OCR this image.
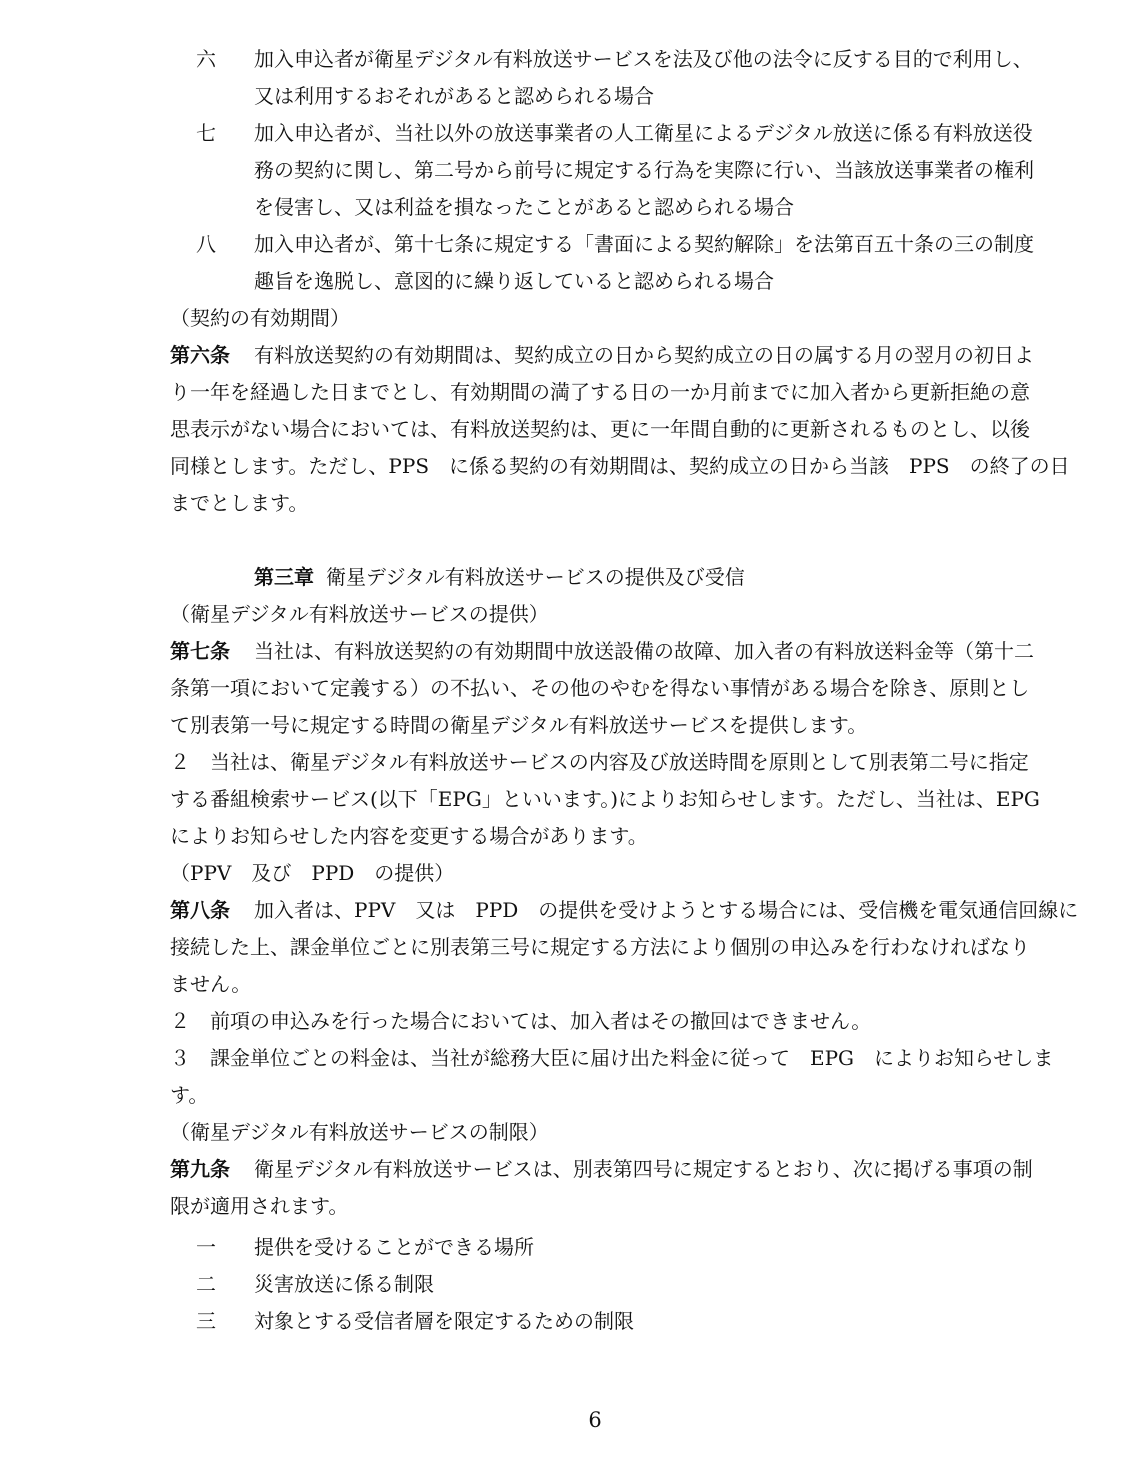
六 加入申込者が衛星デジタル有料放送サービスを法及び他の法令に反する目的で利用し、
又は利用するおそれがあると認められる場合
七 加入申込者が、当社以外の放送事業者の人工衛星によるデジタル放送に係る有料放送役
務の契約に関し、第二号から前号に規定する行為を実際に行い、当該放送事業者の権利
を侵害し、又は利益を損なったことがあると認められる場合
八 加入申込者が、第十七条に規定する「書面による契約解除」を法第百五十条の三の制度
趣旨を逸脱し、意図的に繰り返していると認められる場合
（契約の有効期間）
第六条 有料放送契約の有効期間は、契約成立の日から契約成立の日の属する月の翌月の初日よ
り一年を経過した日までとし、有効期間の満了する日の一か月前までに加入者から更新拒絶の意
思表示がない場合においては、有料放送契約は、更に一年間自動的に更新されるものとし、以後
同様とします。ただし、PPS　に係る契約の有効期間は、契約成立の日から当該　PPS　の終了の日
までとします。
第三章 衛星デジタル有料放送サービスの提供及び受信
（衛星デジタル有料放送サービスの提供）
第七条 当社は、有料放送契約の有効期間中放送設備の故障、加入者の有料放送料金等（第十二
条第一項において定義する）の不払い、その他のやむを得ない事情がある場合を除き、原則とし
て別表第一号に規定する時間の衛星デジタル有料放送サービスを提供します。
２　当社は、衛星デジタル有料放送サービスの内容及び放送時間を原則として別表第二号に指定
する番組検索サービス(以下「EPG」といいます。)によりお知らせします。ただし、当社は、EPG
によりお知らせした内容を変更する場合があります。
（PPV　及び　PPD　の提供）
第八条 加入者は、PPV　又は　PPD　の提供を受けようとする場合には、受信機を電気通信回線に
接続した上、課金単位ごとに別表第三号に規定する方法により個別の申込みを行わなければなり
ません。
２　前項の申込みを行った場合においては、加入者はその撤回はできません。
３　課金単位ごとの料金は、当社が総務大臣に届け出た料金に従って　EPG　によりお知らせしま
す。
（衛星デジタル有料放送サービスの制限）
第九条 衛星デジタル有料放送サービスは、別表第四号に規定するとおり、次に掲げる事項の制
限が適用されます。
一 提供を受けることができる場所
二 災害放送に係る制限
三 対象とする受信者層を限定するための制限
6
